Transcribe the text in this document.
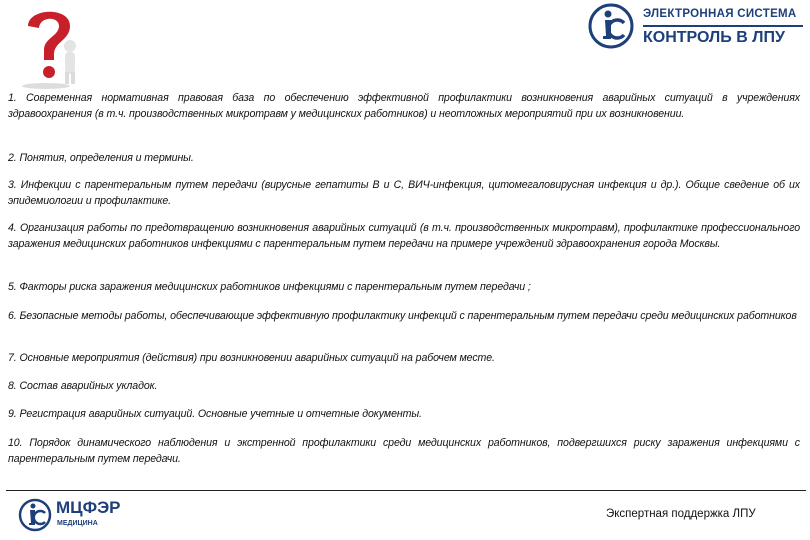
ЭЛЕКТРОННАЯ СИСТЕМА
КОНТРОЛЬ В ЛПУ
1. Современная нормативная правовая база по обеспечению эффективной профилактики возникновения аварийных ситуаций в учреждениях здравоохранения (в т.ч. производственных микротравм у медицинских работников) и неотложных мероприятий при их возникновении.
2. Понятия, определения и термины.
3. Инфекции с парентеральным путем передачи (вирусные гепатиты В и С, ВИЧ-инфекция, цитомегаловирусная инфекция и др.). Общие сведение об их эпидемиологии и профилактике.
4. Организация работы по предотвращению возникновения аварийных ситуаций (в т.ч. производственных микротравм), профилактике профессионального заражения медицинских работников инфекциями с парентеральным путем передачи на примере учреждений здравоохранения города Москвы.
5. Факторы риска заражения медицинских работников инфекциями с парентеральным путем передачи ;
6. Безопасные методы работы, обеспечивающие эффективную профилактику инфекций с парентеральным путем передачи среди медицинских работников
7. Основные мероприятия (действия) при возникновении аварийных ситуаций на рабочем месте.
8. Состав аварийных укладок.
9. Регистрация аварийных ситуаций. Основные учетные и отчетные документы.
10. Порядок динамического наблюдения и экстренной профилактики среди медицинских работников, подвергшихся риску заражения инфекциями с парентеральным путем передачи.
МЦФЭР
МЕДИЦИНА
Экспертная поддержка ЛПУ
